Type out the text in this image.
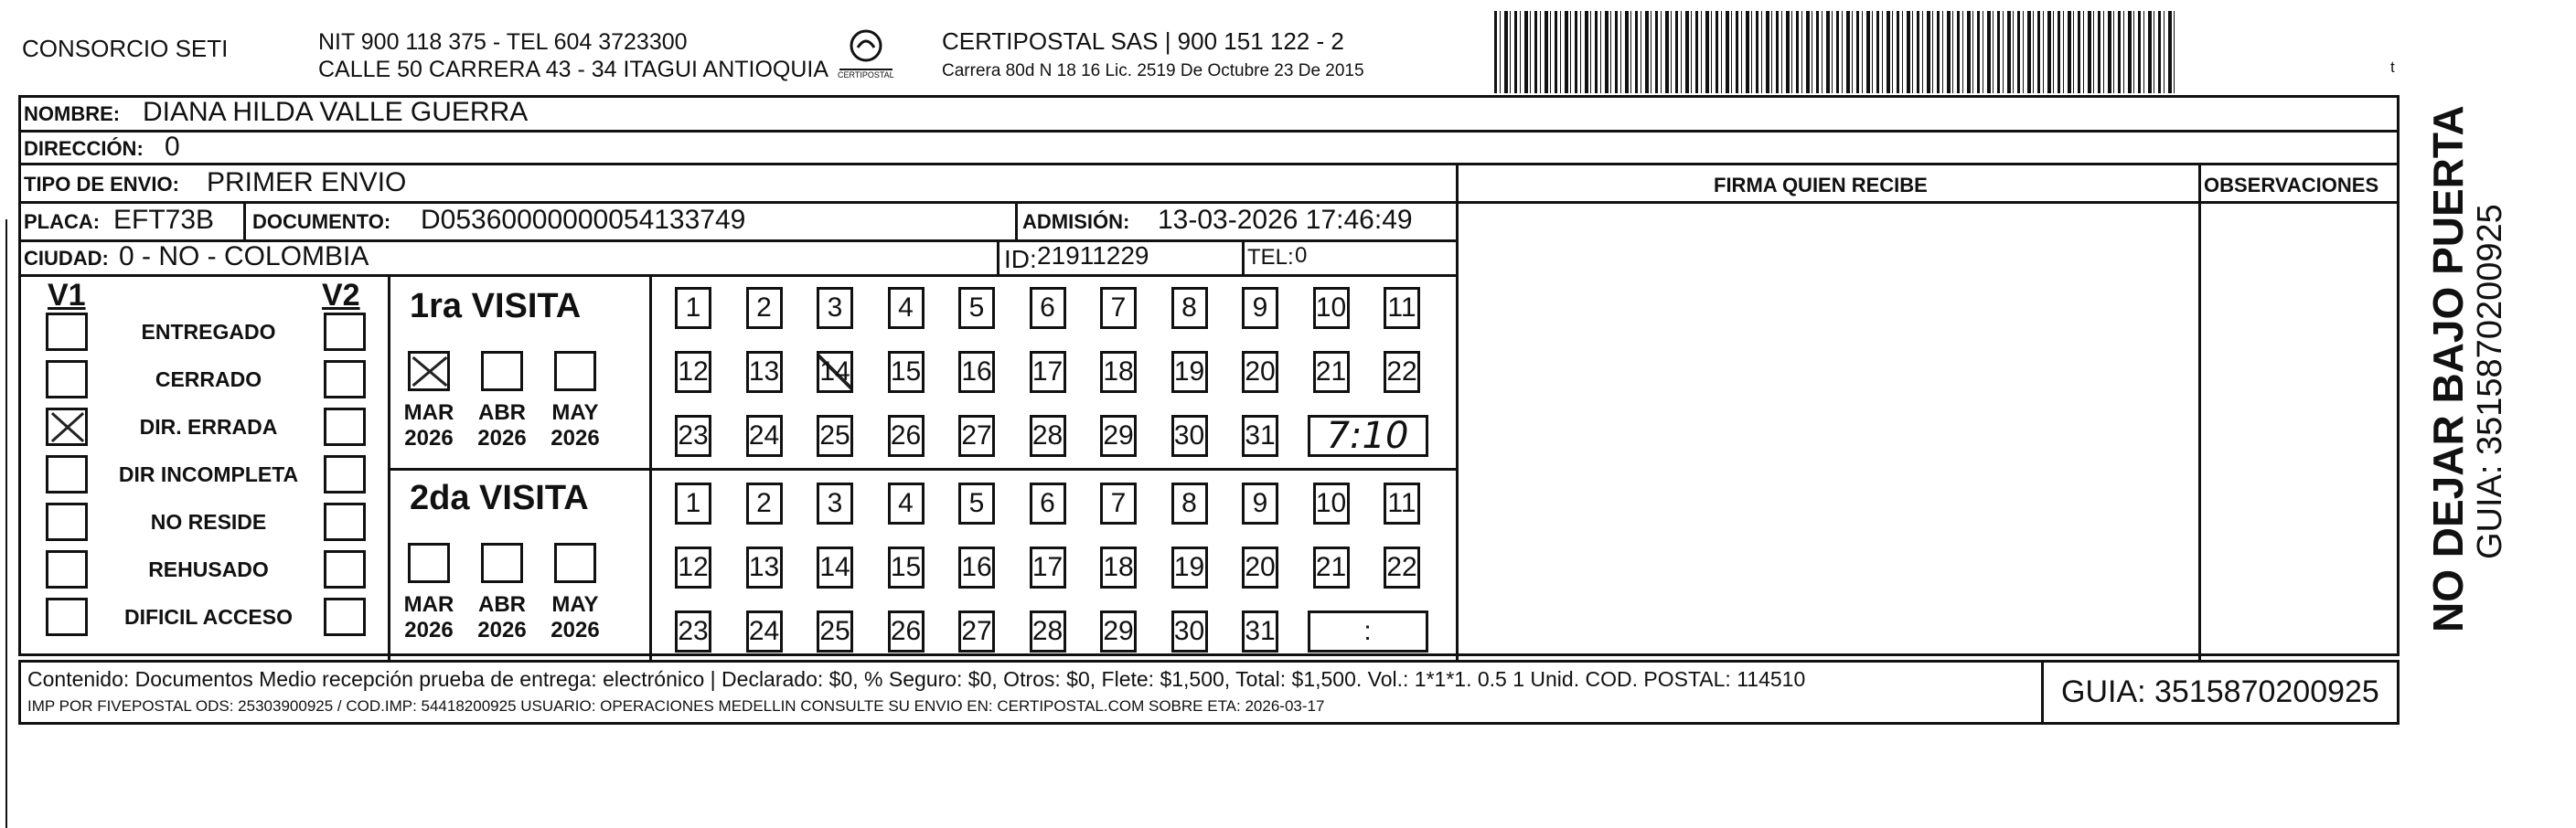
CONSORCIO SETI	NIT 900 118 375 - TEL 604 3723300
CALLE 50 CARRERA 43 - 34 ITAGUI ANTIOQUIA CERTIPOSTAL
CERTIPOSTAL SAS | 900 151 122 - 2
Carrera 80d N 18 16 Lic. 2519 De Octubre 23 De 2015	ᵗ
NOMBRE: DIANA HILDA VALLE GUERRA
DIRECCIÓN: 0
TIPO DE ENVIO: PRIMER ENVIO
PLACA: EFT73B DOCUMENTO: D05360000000054133749	ADMISIÓN: 13-03-2026 17:46:49
CIUDAD: 0 - NO - COLOMBIA	ID: 21911229	TEL: 0
FIRMA QUIEN RECIBE	OBSERVACIONES
V1	V2
ENTREGADO
CERRADO
DIR. ERRADA
DIR INCOMPLETA
NO RESIDE
REHUSADO
DIFICIL ACCESO
1ra VISITA
2da VISITA
MAR
2026
ABR
2026
MAY
2026
MAR
2026
ABR
2026
MAY
2026
1	2	3	4	5	6	7	8	9	10 11
12 13 14 15 16 17 18 19 20 21 22
23 24 25 26 27 28 29 30 31	7:10
1	2	3	4	5	6	7	8	9	10 11
12 13 14 15 16 17 18 19 20 21 22
23 24 25 26 27 28 29 30 31	:
Contenido: Documentos Medio recepción prueba de entrega: electrónico | Declarado: $0, % Seguro: $0, Otros: $0, Flete: $1,500, Total: $1,500. Vol.: 1*1*1. 0.5 1 Unid. COD. POSTAL: 114510
IMP POR FIVEPOSTAL ODS: 25303900925 / COD.IMP: 54418200925 USUARIO: OPERACIONES MEDELLIN CONSULTE SU ENVIO EN: CERTIPOSTAL.COM SOBRE ETA: 2026-03-17	GUIA: 3515870200925
NO DEJAR BAJO PUERTA GUIA: 3515870200925
